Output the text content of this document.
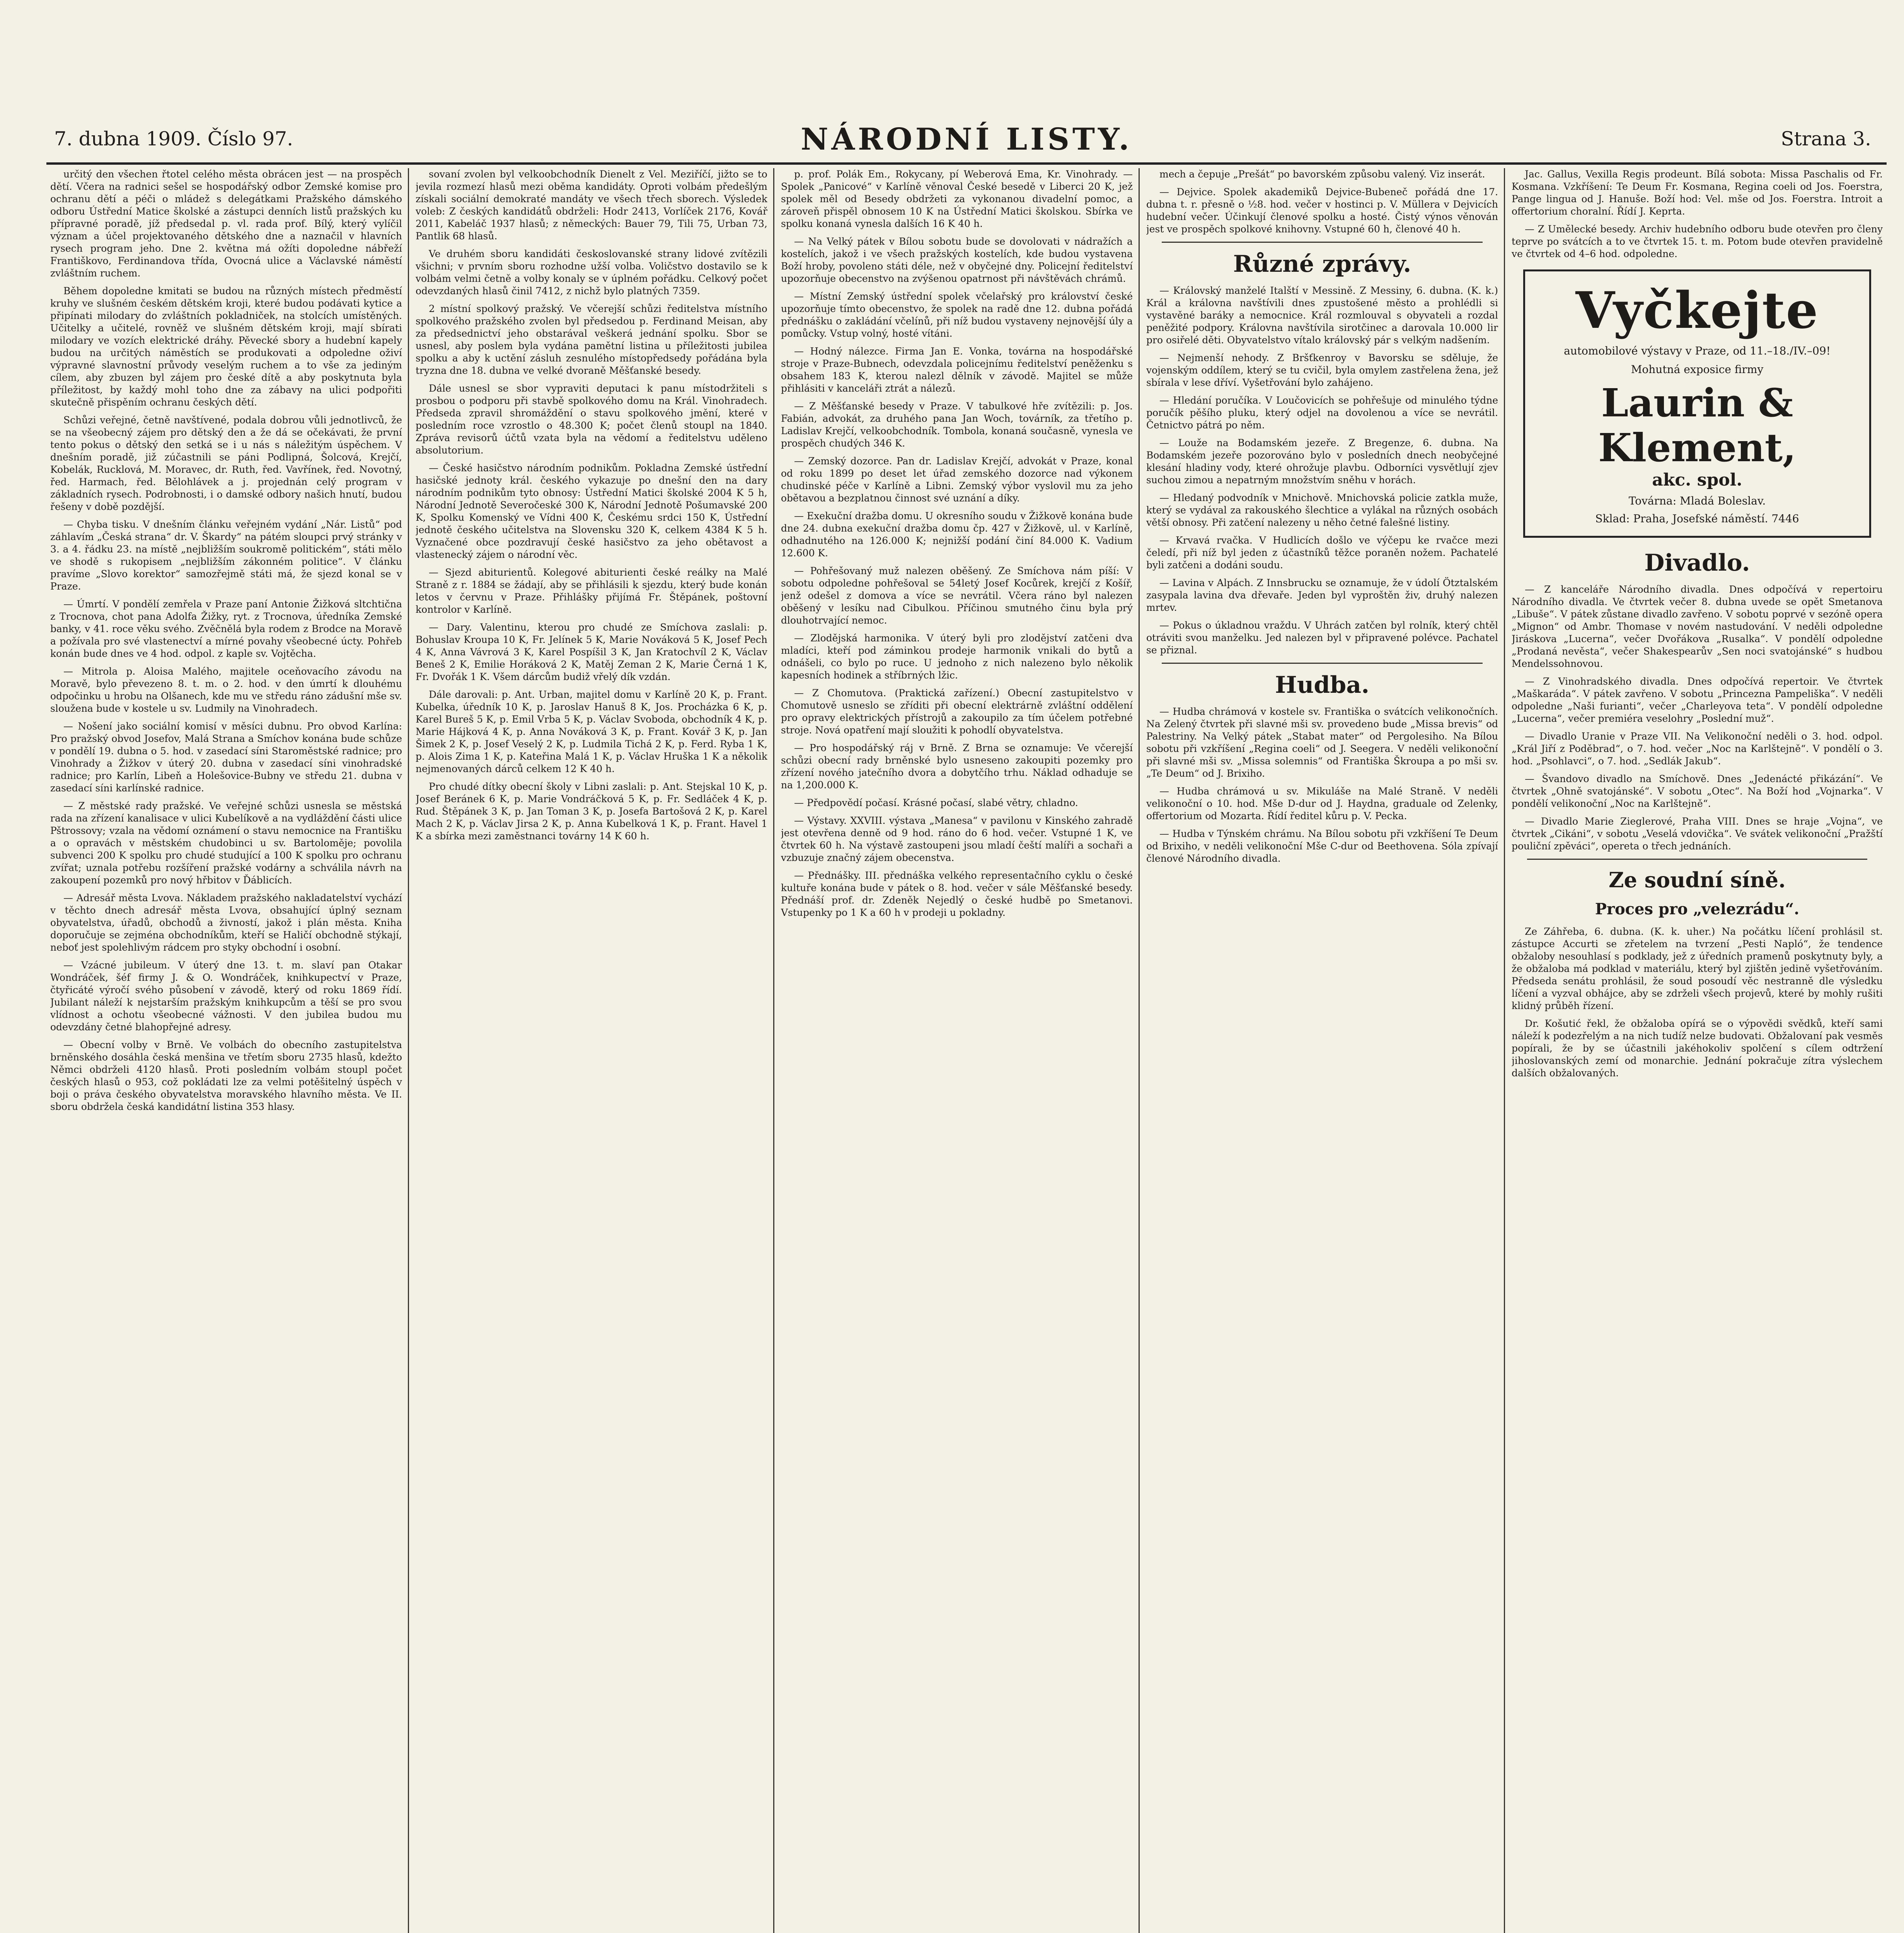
7. dubna 1909. Číslo 97.	NÁRODNÍ LISTY.	Strana 3.

určitý den všechen řtotel celého města obrácen jest — na prospěch dětí. Včera na radnici sešel se hospodářský odbor Zemské komise pro ochranu dětí a péči o mládež s delegátkami Pražského dámského odboru Ústřední Matice školské a zástupci denních listů pražských ku přípravné poradě, jíž předsedal p. vl. rada prof. Bílý, který vylíčil význam a účel projektovaného dětského dne a naznačil v hlavních rysech program jeho. Dne 2. května má ožíti dopoledne nábřeží Františkovo, Ferdinandova třída, Ovocná ulice a Václavské náměstí zvláštním ruchem.

Během dopoledne kmitati se budou na různých místech předměstí kruhy ve slušném českém dětském kroji, které budou podávati kytice a připínati milodary do zvláštních pokladniček, na stolcích umístěných. Učitelky a učitelé, rovněž ve slušném dětském kroji, mají sbírati milodary ve vozích elektrické dráhy. Pěvecké sbory a hudební kapely budou na určitých náměstích se produkovati a odpoledne oživí výpravné slavnostní průvody veselým ruchem a to vše za jediným cílem, aby zbuzen byl zájem pro české dítě a aby poskytnuta byla příležitost, by každý mohl toho dne za zábavy na ulici podpořiti skutečně přispěním ochranu českých dětí.

Schůzi veřejné, četně navštívené, podala dobrou vůli jednotlivců, že se na všeobecný zájem pro dětský den a že dá se očekávati, že první tento pokus o dětský den setká se i u nás s náležitým úspěchem. V dnešním poradě, již zúčastnili se páni Podlipná, Šolcová, Krejčí, Kobelák, Rucklová, M. Moravec, dr. Ruth, řed. Vavřínek, řed. Novotný, řed. Harmach, řed. Bělohlávek a j. projednán celý program v základních rysech. Podrobnosti, i o damské odbory našich hnutí, budou řešeny v době pozdější.

— Chyba tisku. V dnešním článku veřejném vydání „Nár. Listů“ pod záhlavím „Česká strana“ dr. V. Škardy“ na pátém sloupci prvý stránky v 3. a 4. řádku 23. na místě „nejbližším soukromě politickém“, státi mělo ve shodě s rukopisem „nejbližším zákonném politice“. V článku pravíme „Slovo korektor“ samozřejmě státi má, že sjezd konal se v Praze.

— Úmrtí. V pondělí zemřela v Praze paní Antonie Žižková sltchtična z Trocnova, chot pana Adolfa Žižky, ryt. z Trocnova, úředníka Zemské banky, v 41. roce věku svého. Zvěčnělá byla rodem z Brodce na Moravě a požívala pro své vlastenectví a mírné povahy všeobecné úcty. Pohřeb konán bude dnes ve 4 hod. odpol. z kaple sv. Vojtěcha.

— Mitrola p. Aloisa Malého, majitele oceňovacího závodu na Moravě, bylo převezeno 8. t. m. o 2. hod. v den úmrtí k dlouhému odpočinku u hrobu na Olšanech, kde mu ve středu ráno zádušní mše sv. sloužena bude v kostele u sv. Ludmily na Vinohradech.

— Nošení jako sociální komisí v měsíci dubnu. Pro obvod Karlína: Pro pražský obvod Josefov, Malá Strana a Smíchov konána bude schůze v pondělí 19. dubna o 5. hod. v zasedací síni Staroměstské radnice; pro Vinohrady a Žižkov v úterý 20. dubna v zasedací síni vinohradské radnice; pro Karlín, Libeň a Holešovice-Bubny ve středu 21. dubna v zasedací síni karlínské radnice.

— Z městské rady pražské. Ve veřejné schůzi usnesla se městská rada na zřízení kanalisace v ulici Kubelíkově a na vydláždění části ulice Pštrossovy; vzala na vědomí oznámení o stavu nemocnice na Františku a o opravách v městském chudobinci u sv. Bartoloměje; povolila subvenci 200 K spolku pro chudé studující a 100 K spolku pro ochranu zvířat; uznala potřebu rozšíření pražské vodárny a schválila návrh na zakoupení pozemků pro nový hřbitov v Ďáblicích.

— Adresář města Lvova. Nákladem pražského nakladatelství vychází v těchto dnech adresář města Lvova, obsahující úplný seznam obyvatelstva, úřadů, obchodů a živností, jakož i plán města. Kniha doporučuje se zejména obchodníkům, kteří se Haličí obchodně stýkají, neboť jest spolehlivým rádcem pro styky obchodní i osobní.

— Vzácné jubileum. V úterý dne 13. t. m. slaví pan Otakar Wondráček, šéf firmy J. & O. Wondráček, knihkupectví v Praze, čtyřicáté výročí svého působení v závodě, který od roku 1869 řídí. Jubilant náleží k nejstarším pražským knihkupcům a těší se pro svou vlídnost a ochotu všeobecné vážnosti. V den jubilea budou mu odevzdány četné blahopřejné adresy.

— Obecní volby v Brně. Ve volbách do obecního zastupitelstva brněnského dosáhla česká menšina ve třetím sboru 2735 hlasů, kdežto Němci obdrželi 4120 hlasů. Proti posledním volbám stoupl počet českých hlasů o 953, což pokládati lze za velmi potěšitelný úspěch v boji o práva českého obyvatelstva moravského hlavního města. Ve II. sboru obdržela česká kandidátní listina 353 hlasy.

sovaní zvolen byl velkoobchodník Dienelt z Vel. Meziříčí, jižto se to jevila rozmezí hlasů mezi oběma kandidáty. Oproti volbám předešlým získali sociální demokraté mandáty ve všech třech sborech. Výsledek voleb: Z českých kandidátů obdrželi: Hodr 2413, Vorlíček 2176, Kovář 2011, Kabeláč 1937 hlasů; z německých: Bauer 79, Tili 75, Urban 73, Pantlik 68 hlasů.

Ve druhém sboru kandidáti českoslovanské strany lidové zvítězili všichni; v prvním sboru rozhodne užší volba. Voličstvo dostavilo se k volbám velmi četně a volby konaly se v úplném pořádku. Celkový počet odevzdaných hlasů činil 7412, z nichž bylo platných 7359.

2 místní spolkový pražský. Ve včerejší schůzi ředitelstva místního spolkového pražského zvolen byl předsedou p. Ferdinand Meisan, aby za předsednictví jeho obstarával veškerá jednání spolku. Sbor se usnesl, aby poslem byla vydána pamětní listina u příležitosti jubilea spolku a aby k uctění zásluh zesnulého místopředsedy pořádána byla tryzna dne 18. dubna ve velké dvoraně Měšťanské besedy.

Dále usnesl se sbor vypraviti deputaci k panu místodržiteli s prosbou o podporu při stavbě spolkového domu na Král. Vinohradech. Předseda zpravil shromáždění o stavu spolkového jmění, které v posledním roce vzrostlo o 48.300 K; počet členů stoupl na 1840. Zpráva revisorů účtů vzata byla na vědomí a ředitelstvu uděleno absolutorium.

— České hasičstvo národním podnikům. Pokladna Zemské ústřední hasičské jednoty král. českého vykazuje po dnešní den na dary národním podnikům tyto obnosy: Ústřední Matici školské 2004 K 5 h, Národní Jednotě Severočeské 300 K, Národní Jednotě Pošumavské 200 K, Spolku Komenský ve Vídni 400 K, Českému srdci 150 K, Ústřední jednotě českého učitelstva na Slovensku 320 K, celkem 4384 K 5 h. Vyznačené obce pozdravují české hasičstvo za jeho obětavost a vlastenecký zájem o národní věc.

— Sjezd abiturientů. Kolegové abiturienti české reálky na Malé Straně z r. 1884 se žádají, aby se přihlásili k sjezdu, který bude konán letos v červnu v Praze. Přihlášky přijímá Fr. Štěpánek, poštovní kontrolor v Karlíně.

— Dary. Valentinu, kterou pro chudé ze Smíchova zaslali: p. Bohuslav Kroupa 10 K, Fr. Jelínek 5 K, Marie Nováková 5 K, Josef Pech 4 K, Anna Vávrová 3 K, Karel Pospíšil 3 K, Jan Kratochvíl 2 K, Václav Beneš 2 K, Emilie Horáková 2 K, Matěj Zeman 2 K, Marie Černá 1 K, Fr. Dvořák 1 K. Všem dárcům budiž vřelý dík vzdán.

Dále darovali: p. Ant. Urban, majitel domu v Karlíně 20 K, p. Frant. Kubelka, úředník 10 K, p. Jaroslav Hanuš 8 K, Jos. Procházka 6 K, p. Karel Bureš 5 K, p. Emil Vrba 5 K, p. Václav Svoboda, obchodník 4 K, p. Marie Hájková 4 K, p. Anna Nováková 3 K, p. Frant. Kovář 3 K, p. Jan Šimek 2 K, p. Josef Veselý 2 K, p. Ludmila Tichá 2 K, p. Ferd. Ryba 1 K, p. Alois Zima 1 K, p. Kateřina Malá 1 K, p. Václav Hruška 1 K a několik nejmenovaných dárců celkem 12 K 40 h.

Pro chudé dítky obecní školy v Libni zaslali: p. Ant. Stejskal 10 K, p. Josef Beránek 6 K, p. Marie Vondráčková 5 K, p. Fr. Sedláček 4 K, p. Rud. Štěpánek 3 K, p. Jan Toman 3 K, p. Josefa Bartošová 2 K, p. Karel Mach 2 K, p. Václav Jirsa 2 K, p. Anna Kubelková 1 K, p. Frant. Havel 1 K a sbírka mezi zaměstnanci továrny 14 K 60 h.

p. prof. Polák Em., Rokycany, pí Weberová Ema, Kr. Vinohrady. — Spolek „Panicové“ v Karlíně věnoval České besedě v Liberci 20 K, jež spolek měl od Besedy obdržeti za vykonanou divadelní pomoc, a zároveň přispěl obnosem 10 K na Ústřední Matici školskou. Sbírka ve spolku konaná vynesla dalších 16 K 40 h.

— Na Velký pátek v Bílou sobotu bude se dovolovati v nádražích a kostelích, jakož i ve všech pražských kostelích, kde budou vystavena Boží hroby, povoleno státi déle, než v obyčejné dny. Policejní ředitelství upozorňuje obecenstvo na zvýšenou opatrnost při návštěvách chrámů.

— Místní Zemský ústřední spolek včelařský pro království české upozorňuje tímto obecenstvo, že spolek na radě dne 12. dubna pořádá přednášku o zakládání včelínů, při níž budou vystaveny nejnovější úly a pomůcky. Vstup volný, hosté vítáni.

— Hodný nálezce. Firma Jan E. Vonka, továrna na hospodářské stroje v Praze-Bubnech, odevzdala policejnímu ředitelství peněženku s obsahem 183 K, kterou nalezl dělník v závodě. Majitel se může přihlásiti v kanceláři ztrát a nálezů.

— Z Měšťanské besedy v Praze. V tabulkové hře zvítězili: p. Jos. Fabián, advokát, za druhého pana Jan Woch, továrník, za třetího p. Ladislav Krejčí, velkoobchodník. Tombola, konaná současně, vynesla ve prospěch chudých 346 K.

— Zemský dozorce. Pan dr. Ladislav Krejčí, advokát v Praze, konal od roku 1899 po deset let úřad zemského dozorce nad výkonem chudinské péče v Karlíně a Libni. Zemský výbor vyslovil mu za jeho obětavou a bezplatnou činnost své uznání a díky.

— Exekuční dražba domu. U okresního soudu v Žižkově konána bude dne 24. dubna exekuční dražba domu čp. 427 v Žižkově, ul. v Karlíně, odhadnutého na 126.000 K; nejnižší podání činí 84.000 K. Vadium 12.600 K.

— Pohřešovaný muž nalezen oběšený. Ze Smíchova nám píší: V sobotu odpoledne pohřešoval se 54letý Josef Kocůrek, krejčí z Košíř, jenž odešel z domova a více se nevrátil. Včera ráno byl nalezen oběšený v lesíku nad Cibulkou. Příčinou smutného činu byla prý dlouhotrvající nemoc.

— Zlodějská harmonika. V úterý byli pro zlodějství zatčeni dva mladíci, kteří pod záminkou prodeje harmonik vnikali do bytů a odnášeli, co bylo po ruce. U jednoho z nich nalezeno bylo několik kapesních hodinek a stříbrných lžic.

— Z Chomutova. (Praktická zařízení.) Obecní zastupitelstvo v Chomutově usneslo se zříditi při obecní elektrárně zvláštní oddělení pro opravy elektrických přístrojů a zakoupilo za tím účelem potřebné stroje. Nová opatření mají sloužiti k pohodlí obyvatelstva.

— Pro hospodářský ráj v Brně. Z Brna se oznamuje: Ve včerejší schůzi obecní rady brněnské bylo usneseno zakoupiti pozemky pro zřízení nového jatečního dvora a dobytčího trhu. Náklad odhaduje se na 1,200.000 K.

— Předpovědí počasí. Krásné počasí, slabé větry, chladno.

— Výstavy. XXVIII. výstava „Manesa“ v pavilonu v Kinského zahradě jest otevřena denně od 9 hod. ráno do 6 hod. večer. Vstupné 1 K, ve čtvrtek 60 h. Na výstavě zastoupeni jsou mladí čeští malíři a sochaři a vzbuzuje značný zájem obecenstva.

— Přednášky. III. přednáška velkého representačního cyklu o české kultuře konána bude v pátek o 8. hod. večer v sále Měšťanské besedy. Přednáší prof. dr. Zdeněk Nejedlý o české hudbě po Smetanovi. Vstupenky po 1 K a 60 h v prodeji u pokladny.

mech a čepuje „Prešát“ po bavorském způsobu valený. Viz inserát.

— Dejvice. Spolek akademiků Dejvice-Bubeneč pořádá dne 17. dubna t. r. přesně o ½8. hod. večer v hostinci p. V. Müllera v Dejvicích hudební večer. Účinkují členové spolku a hosté. Čistý výnos věnován jest ve prospěch spolkové knihovny. Vstupné 60 h, členové 40 h.

Různé zprávy.

— Královský manželé Italští v Messině. Z Messiny, 6. dubna. (K. k.) Král a královna navštívili dnes zpustošené město a prohlédli si vystavěné baráky a nemocnice. Král rozmlouval s obyvateli a rozdal peněžité podpory. Královna navštívila sirotčinec a darovala 10.000 lir pro osiřelé děti. Obyvatelstvo vítalo královský pár s velkým nadšením.

— Nejmenší nehody. Z Bršťkenroy v Bavorsku se sděluje, že vojenským oddílem, který se tu cvičil, byla omylem zastřelena žena, jež sbírala v lese dříví. Vyšetřování bylo zahájeno.

— Hledání poručíka. V Loučovicích se pohřešuje od minulého týdne poručík pěšího pluku, který odjel na dovolenou a více se nevrátil. Četnictvo pátrá po něm.

— Louže na Bodamském jezeře. Z Bregenze, 6. dubna. Na Bodamském jezeře pozorováno bylo v posledních dnech neobyčejné klesání hladiny vody, které ohrožuje plavbu. Odborníci vysvětlují zjev suchou zimou a nepatrným množstvím sněhu v horách.

— Hledaný podvodník v Mnichově. Mnichovská policie zatkla muže, který se vydával za rakouského šlechtice a vylákal na různých osobách větší obnosy. Při zatčení nalezeny u něho četné falešné listiny.

— Krvavá rvačka. V Hudlicích došlo ve výčepu ke rvačce mezi čeledí, při níž byl jeden z účastníků těžce poraněn nožem. Pachatelé byli zatčeni a dodáni soudu.

— Lavina v Alpách. Z Innsbrucku se oznamuje, že v údolí Ötztalském zasypala lavina dva dřevaře. Jeden byl vyproštěn živ, druhý nalezen mrtev.

— Pokus o úkladnou vraždu. V Uhrách zatčen byl rolník, který chtěl otráviti svou manželku. Jed nalezen byl v připravené polévce. Pachatel se přiznal.

Hudba.

— Hudba chrámová v kostele sv. Františka o svátcích velikonočních. Na Zelený čtvrtek při slavné mši sv. provedeno bude „Missa brevis“ od Palestriny. Na Velký pátek „Stabat mater“ od Pergolesiho. Na Bílou sobotu při vzkříšení „Regina coeli“ od J. Seegera. V neděli velikonoční při slavné mši sv. „Missa solemnis“ od Františka Škroupa a po mši sv. „Te Deum“ od J. Brixiho.

— Hudba chrámová u sv. Mikuláše na Malé Straně. V neděli velikonoční o 10. hod. Mše D-dur od J. Haydna, graduale od Zelenky, offertorium od Mozarta. Řídí ředitel kůru p. V. Pecka.

— Hudba v Týnském chrámu. Na Bílou sobotu při vzkříšení Te Deum od Brixiho, v neděli velikonoční Mše C-dur od Beethovena. Sóla zpívají členové Národního divadla.

Jac. Gallus, Vexilla Regis prodeunt. Bílá sobota: Missa Paschalis od Fr. Kosmana. Vzkříšení: Te Deum Fr. Kosmana, Regina coeli od Jos. Foerstra, Pange lingua od J. Hanuše. Boží hod: Vel. mše od Jos. Foerstra. Introit a offertorium choralní. Řídí J. Keprta.

— Z Umělecké besedy. Archiv hudebního odboru bude otevřen pro členy teprve po svátcích a to ve čtvrtek 15. t. m. Potom bude otevřen pravidelně ve čtvrtek od 4–6 hod. odpoledne.

Vyčkejte
automobilové výstavy v Praze, od 11.–18./IV.–09!
Mohutná exposice firmy
Laurin & Klement,
akc. spol.
Továrna: Mladá Boleslav.
Sklad: Praha, Josefské náměstí. 7446
Divadlo.

— Z kanceláře Národního divadla. Dnes odpočívá v repertoiru Národního divadla. Ve čtvrtek večer 8. dubna uvede se opět Smetanova „Libuše“. V pátek zůstane divadlo zavřeno. V sobotu poprvé v sezóně opera „Mignon“ od Ambr. Thomase v novém nastudování. V neděli odpoledne Jiráskova „Lucerna“, večer Dvořákova „Rusalka“. V pondělí odpoledne „Prodaná nevěsta“, večer Shakespearův „Sen noci svatojánské“ s hudbou Mendelssohnovou.

— Z Vinohradského divadla. Dnes odpočívá repertoir. Ve čtvrtek „Maškaráda“. V pátek zavřeno. V sobotu „Princezna Pampeliška“. V neděli odpoledne „Naši furianti“, večer „Charleyova teta“. V pondělí odpoledne „Lucerna“, večer premiéra veselohry „Poslední muž“.

— Divadlo Uranie v Praze VII. Na Velikonoční neděli o 3. hod. odpol. „Král Jiří z Poděbrad“, o 7. hod. večer „Noc na Karlštejně“. V pondělí o 3. hod. „Psohlavci“, o 7. hod. „Sedlák Jakub“.

— Švandovo divadlo na Smíchově. Dnes „Jedenácté přikázání“. Ve čtvrtek „Ohně svatojánské“. V sobotu „Otec“. Na Boží hod „Vojnarka“. V pondělí velikonoční „Noc na Karlštejně“.

— Divadlo Marie Zieglerové, Praha VIII. Dnes se hraje „Vojna“, ve čtvrtek „Cikáni“, v sobotu „Veselá vdovička“. Ve svátek velikonoční „Pražští pouliční zpěváci“, opereta o třech jednáních.

Ze soudní síně.
Proces pro „velezrádu“.

Ze Záhřeba, 6. dubna. (K. k. uher.) Na počátku líčení prohlásil st. zástupce Accurti se zřetelem na tvrzení „Pesti Napló“, že tendence obžaloby nesouhlasí s podklady, jež z úředních pramenů poskytnuty byly, a že obžaloba má podklad v materiálu, který byl zjištěn jedině vyšetřováním. Předseda senátu prohlásil, že soud posoudí věc nestranně dle výsledku líčení a vyzval obhájce, aby se zdrželi všech projevů, které by mohly rušiti klidný průběh řízení.

Dr. Košutić řekl, že obžaloba opírá se o výpovědi svědků, kteří sami náleží k podezřelým a na nich tudíž nelze budovati. Obžalovaní pak vesměs popírali, že by se účastnili jakéhokoliv spolčení s cílem odtržení jihoslovanských zemí od monarchie. Jednání pokračuje zítra výslechem dalších obžalovaných.
